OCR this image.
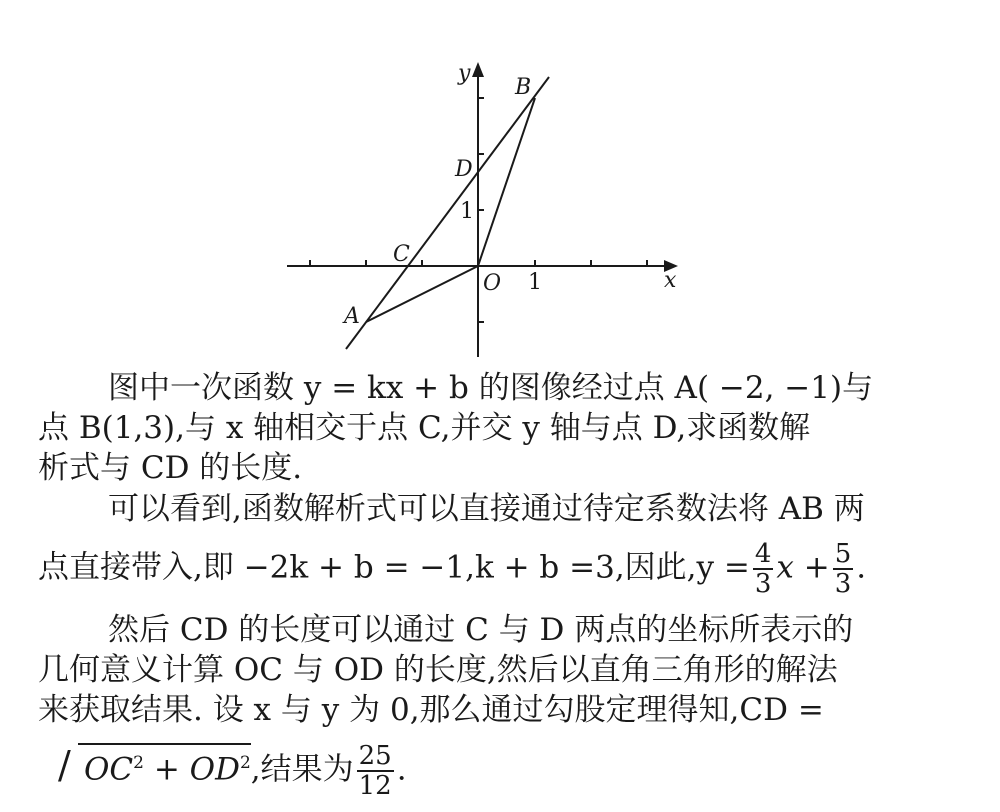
y
x
O 1
1
B
D
C
A
图中一次函数 y = kx + b 的图像经过点 A( −2, −1)与
点 B(1,3),与 x 轴相交于点 C,并交 y 轴与点 D,求函数解
析式与 CD 的长度.
可以看到,函数解析式可以直接通过待定系数法将 AB 两
点直接带入,即 −2k + b = −1,k + b =3,因此$,y = \frac{4}{3}$ $x + \frac{5}{3}$ .
然后 CD 的长度可以通过 C 与 D 两点的坐标所表示的
几何意义计算 OC 与 OD 的长度,然后以直角三角形的解法
来获取结果. 设 x 与 y 为 0,那么通过勾股定理得知,CD =
/ $OC^2 + OD^2$,结果为 $\frac{25}{12}$ .
